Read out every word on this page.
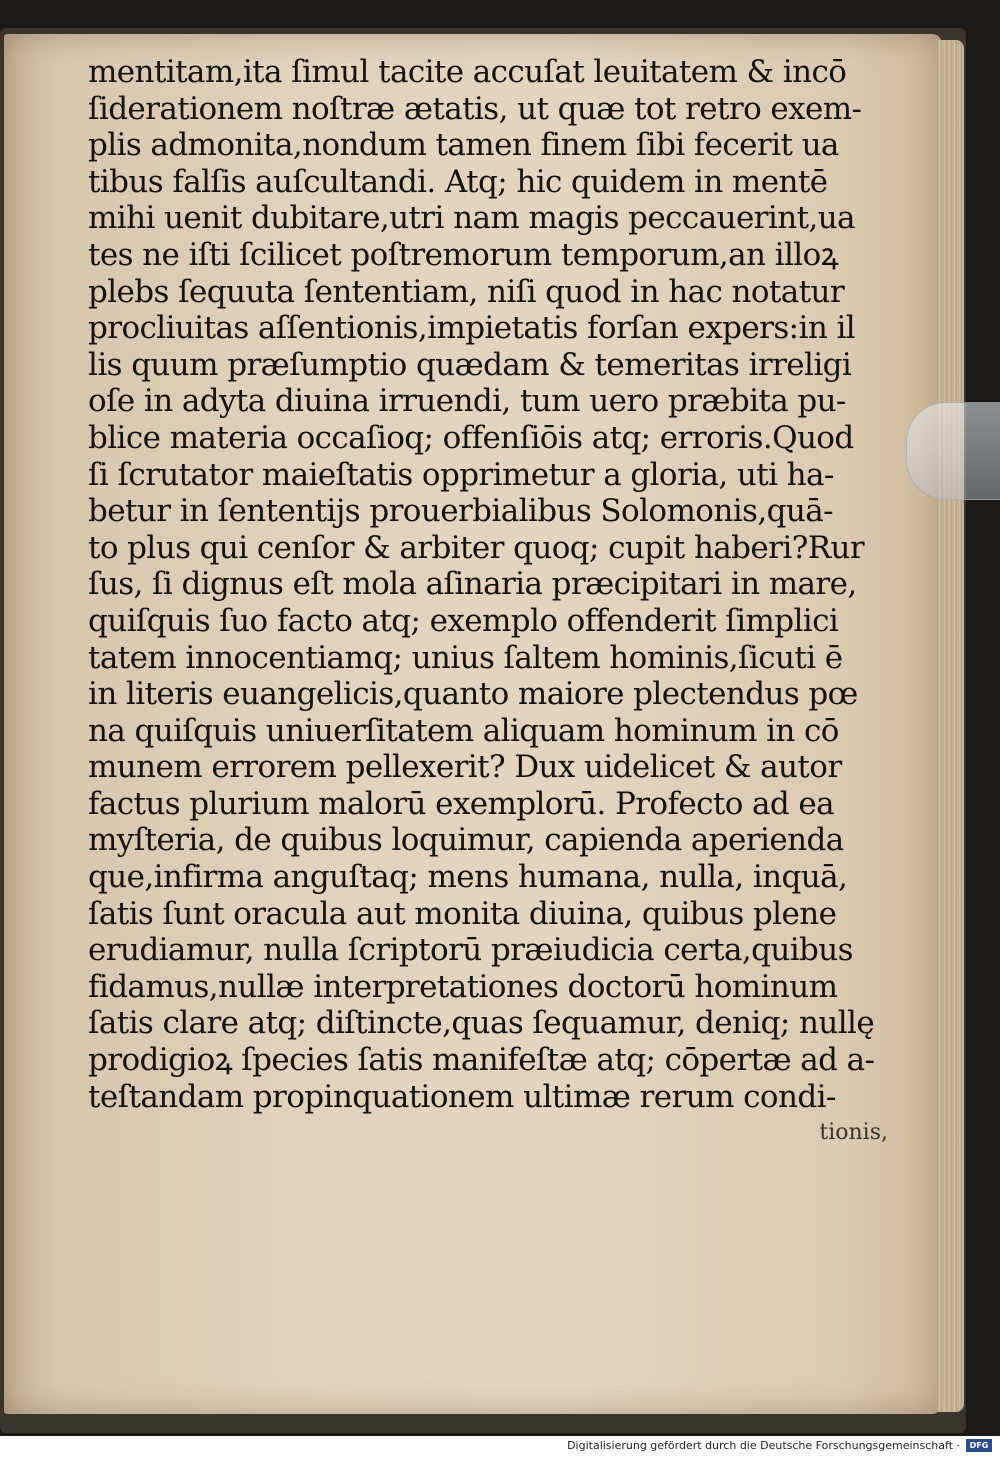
mentitam,ita ſimul tacite accuſat leuitatem & incō
ſiderationem noſtræ ætatis, ut quæ tot retro exem-
plis admonita,nondum tamen finem ſibi fecerit ua
tibus falſis auſcultandi. Atq; hic quidem in mentē
mihi uenit dubitare,utri nam magis peccauerint,ua
tes ne iſti ſcilicet poſtremorum temporum,an illoꝝ
plebs ſequuta ſententiam, niſi quod in hac notatur
procliuitas aſſentionis,impietatis forſan expers:in il
lis quum præſumptio quædam & temeritas irreligi
oſe in adyta diuina irruendi, tum uero præbita pu-
blice materia occaſioq; offenſiōis atq; erroris.Quod
ſi ſcrutator maieſtatis opprimetur a gloria, uti ha-
betur in ſententijs prouerbialibus Solomonis,quā-
to plus qui cenſor & arbiter quoq; cupit haberi?Rur
ſus, ſi dignus eſt mola aſinaria præcipitari in mare,
quiſquis ſuo facto atq; exemplo offenderit ſimplici
tatem innocentiamq; unius ſaltem hominis,ſicuti ē
in literis euangelicis,quanto maiore plectendus pœ
na quiſquis uniuerſitatem aliquam hominum in cō
munem errorem pellexerit? Dux uidelicet & autor
factus plurium malorū exemplorū. Profecto ad ea
myſteria, de quibus loquimur, capienda aperienda
que,infirma anguſtaq; mens humana, nulla, inquā,
ſatis ſunt oracula aut monita diuina, quibus plene
erudiamur, nulla ſcriptorū præiudicia certa,quibus
fidamus,nullæ interpretationes doctorū hominum
ſatis clare atq; diſtincte,quas ſequamur, deniq; nullę
prodigioꝝ ſpecies ſatis manifeſtæ atq; cōpertæ ad a-
teſtandam propinquationem ultimæ rerum condi-
tionis,
Digitalisierung gefördert durch die Deutsche Forschungsgemeinschaft ·	DFG
